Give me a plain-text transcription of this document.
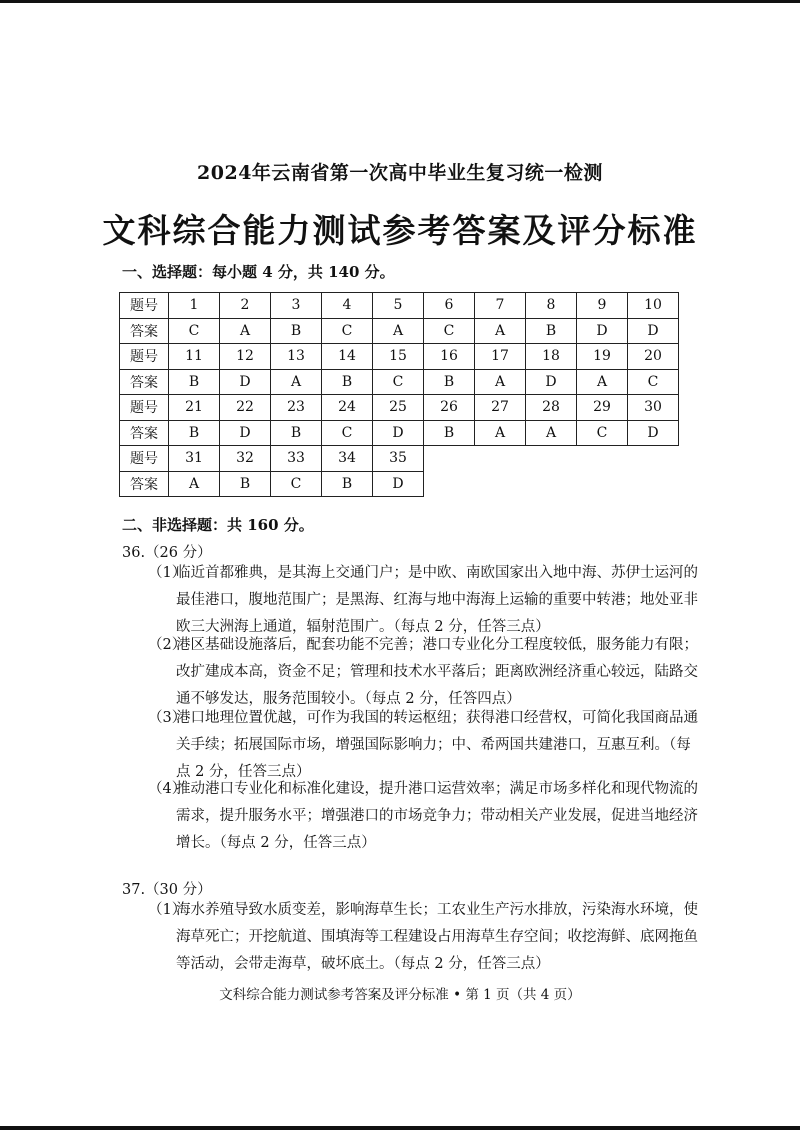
2024年云南省第一次高中毕业生复习统一检测
文科综合能力测试参考答案及评分标准
一、选择题：每小题 4 分，共 140 分。
题号	1	2	3	4	5	6	7	8	9	10
答案	C	A	B	C	A	C	A	B	D	D
题号	11	12	13	14	15	16	17	18	19	20
答案	B	D	A	B	C	B	A	D	A	C
题号	21	22	23	24	25	26	27	28	29	30
答案	B	D	B	C	D	B	A	A	C	D
题号	31	32	33	34	35					
答案	A	B	C	B	D					
二、非选择题：共 160 分。
36.（26 分）
（1）
临近首都雅典，是其海上交通门户；是中欧、南欧国家出入地中海、苏伊士运河的
最佳港口，腹地范围广；是黑海、红海与地中海海上运输的重要中转港；地处亚非
欧三大洲海上通道，辐射范围广。（每点 2 分，任答三点）
（2）
港区基础设施落后，配套功能不完善；港口专业化分工程度较低，服务能力有限；
改扩建成本高，资金不足；管理和技术水平落后；距离欧洲经济重心较远，陆路交
通不够发达，服务范围较小。（每点 2 分，任答四点）
（3）
港口地理位置优越，可作为我国的转运枢纽；获得港口经营权，可简化我国商品通
关手续；拓展国际市场，增强国际影响力；中、希两国共建港口，互惠互利。（每
点 2 分，任答三点）
（4）
推动港口专业化和标准化建设，提升港口运营效率；满足市场多样化和现代物流的
需求，提升服务水平；增强港口的市场竞争力；带动相关产业发展，促进当地经济
增长。（每点 2 分，任答三点）
37.（30 分）
（1）
海水养殖导致水质变差，影响海草生长；工农业生产污水排放，污染海水环境，使
海草死亡；开挖航道、围填海等工程建设占用海草生存空间；收挖海鲜、底网拖鱼
等活动，会带走海草，破坏底土。（每点 2 分，任答三点）
文科综合能力测试参考答案及评分标准 • 第 1 页（共 4 页）
